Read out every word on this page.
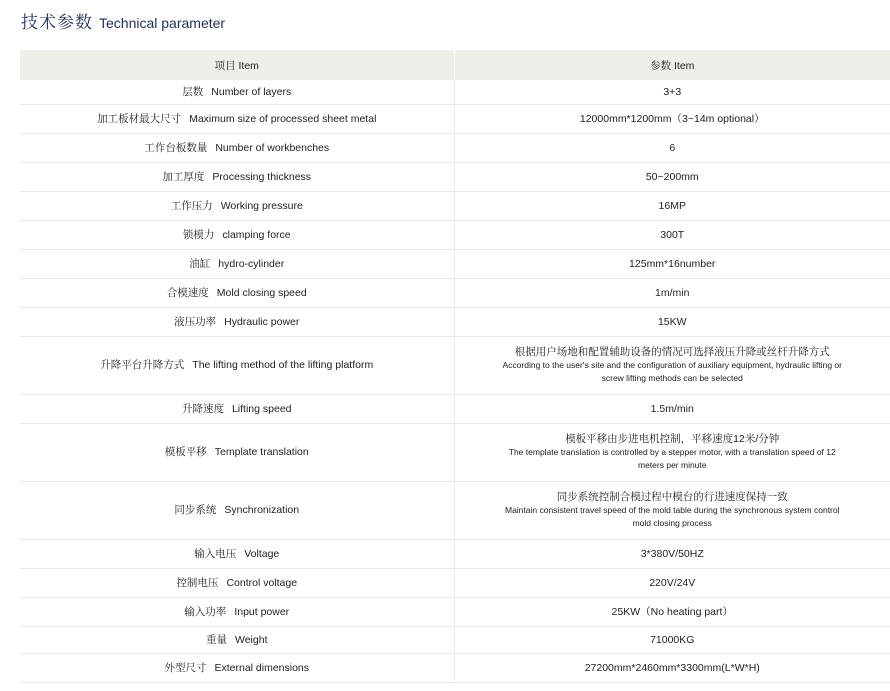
技术参数 Technical parameter
项目 Item	参数 Item
层数 Number of layers	3+3

加工板材最大尺寸 Maximum size of processed sheet metal	12000mm*1200mm（3~14m optional）

工作台板数量 Number of workbenches	6

加工厚度 Processing thickness	50~200mm

工作压力 Working pressure	16MP

锁模力 clamping force	300T

油缸 hydro-cylinder	125mm*16number

合模速度 Mold closing speed	1m/min

液压功率 Hydraulic power	15KW

升降平台升降方式 The lifting method of the lifting platform	根据用户场地和配置辅助设备的情况可选择液压升降或丝杆升降方式
According to the user's site and the configuration of auxiliary equipment, hydraulic lifting or screw lifting methods can be selected

升降速度 Lifting speed	1.5m/min

模板平移 Template translation	模板平移由步进电机控制，平移速度12米/分钟
The template translation is controlled by a stepper motor, with a translation speed of 12 meters per minute

同步系统 Synchronization	同步系统控制合模过程中模台的行进速度保持一致
Maintain consistent travel speed of the mold table during the synchronous system control mold closing process

输入电压 Voltage	3*380V/50HZ

控制电压 Control voltage	220V/24V

输入功率 Input power	25KW（No heating part）

重量 Weight	71000KG

外型尺寸 External dimensions	27200mm*2460mm*3300mm(L*W*H)
